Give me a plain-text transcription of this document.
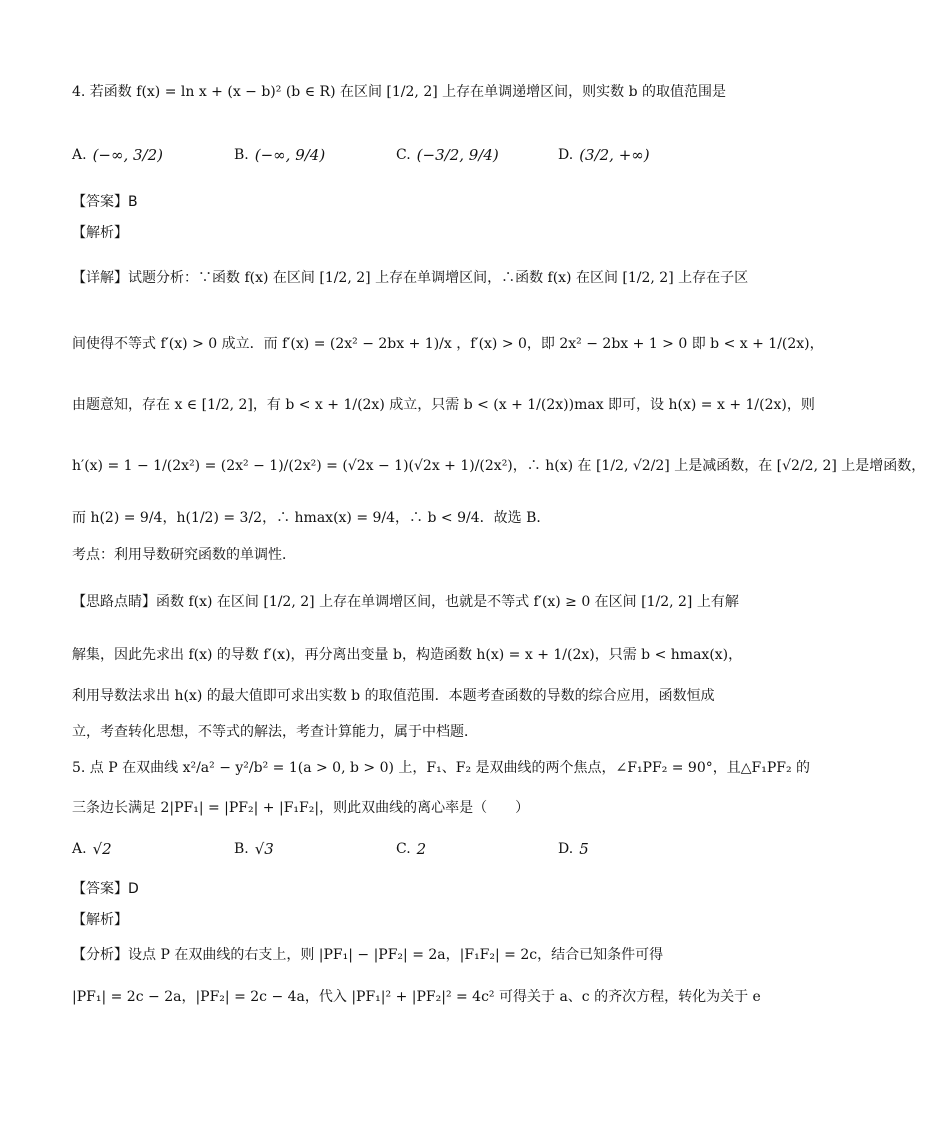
4. 若函数 f(x) = ln x + (x − b)² (b ∈ R) 在区间 [1/2, 2] 上存在单调递增区间，则实数 b 的取值范围是
A. (−∞, 3/2)	B. (−∞, 9/4)	C. (−3/2, 9/4)	D. (3/2, +∞)
【答案】B
【解析】
【详解】试题分析：∵函数 f(x) 在区间 [1/2, 2] 上存在单调增区间，∴函数 f(x) 在区间 [1/2, 2] 上存在子区
间使得不等式 f′(x) > 0 成立．而 f′(x) = (2x² − 2bx + 1)/x ，f′(x) > 0，即 2x² − 2bx + 1 > 0 即 b < x + 1/(2x)，
由题意知，存在 x ∈ [1/2, 2]，有 b < x + 1/(2x) 成立，只需 b < (x + 1/(2x))max 即可，设 h(x) = x + 1/(2x)，则
h′(x) = 1 − 1/(2x²) = (2x² − 1)/(2x²) = (√2x − 1)(√2x + 1)/(2x²)，∴ h(x) 在 [1/2, √2/2] 上是减函数，在 [√2/2, 2] 上是增函数，
而 h(2) = 9/4，h(1/2) = 3/2，∴ hmax(x) = 9/4，∴ b < 9/4．故选 B．
考点：利用导数研究函数的单调性．
【思路点睛】函数 f(x) 在区间 [1/2, 2] 上存在单调增区间，也就是不等式 f′(x) ≥ 0 在区间 [1/2, 2] 上有解
解集，因此先求出 f(x) 的导数 f′(x)，再分离出变量 b，构造函数 h(x) = x + 1/(2x)，只需 b < hmax(x)，
利用导数法求出 h(x) 的最大值即可求出实数 b 的取值范围．本题考查函数的导数的综合应用，函数恒成
立，考查转化思想，不等式的解法，考查计算能力，属于中档题．
5. 点 P 在双曲线 x²/a² − y²/b² = 1(a > 0, b > 0) 上，F₁、F₂ 是双曲线的两个焦点，∠F₁PF₂ = 90°，且△F₁PF₂ 的
三条边长满足 2|PF₁| = |PF₂| + |F₁F₂|，则此双曲线的离心率是（　　）
A. √2	B. √3	C. 2	D. 5
【答案】D
【解析】
【分析】设点 P 在双曲线的右支上，则 |PF₁| − |PF₂| = 2a，|F₁F₂| = 2c，结合已知条件可得
|PF₁| = 2c − 2a，|PF₂| = 2c − 4a，代入 |PF₁|² + |PF₂|² = 4c² 可得关于 a、c 的齐次方程，转化为关于 e
